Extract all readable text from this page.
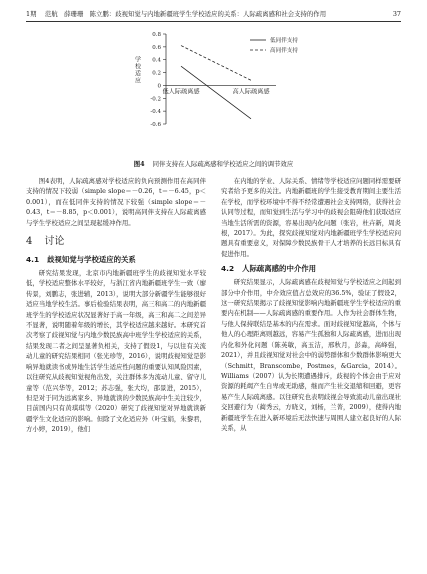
1期　 范航　薛珊珊　陈立鹏：歧视知觉与内地新疆班学生学校适应的关系：人际疏离感和社会支持的作用	37
0.8
0.6
0.4
0.2
0
-0.2
-0.4
-0.6
学
校
适
应
低人际疏离感	高人际疏离感
低同伴支持
高同伴支持
图4 同伴支持在人际疏离感和学校适应之间的调节效应

图4表明，人际疏离感对学校适应的负向预测作用在高同伴支持的情况下较弱（simple slope＝－0.26，t＝－6.45，p＜0.001），而在低同伴支持的情况下较强（simple slope＝－0.43，t＝－8.85，p＜0.001），说明高同伴支持在人际疏离感与学生学校适应之间呈现起缓冲作用。

4 讨论
4.1 歧视知觉与学校适应的关系

研究结果发现，北京市内地新疆班学生的歧视知觉水平较低，学校适应整体水平较好，与浙江省内地新疆班学生一致（廖传景，刘鹏志，张进辅，2013），说明大部分新疆学生能够很好适应当地学校生活。事后检验结果表明，高三和高二的内地新疆班学生的学校适应状况显著好于高一年级，高三和高二之间差异不显著，说明随着年级的增长，其学校适应越来越好。本研究首次考察了歧视知觉与内地少数民族高中班学生学校适应的关系，结果发现二者之间呈显著负相关，支持了假设1，与以往有关流动儿童的研究结果相同（张光珍等，2016），说明歧视知觉是影响异地就读书或异地生活学生适应性问题的重要认知风险因素，以往研究从歧视知觉视角出发，关注群体多为流动儿童、留守儿童等（范兴华等，2012；苏志强，张大均，邵景进，2015），但是对于同为远离家乡、异地就读的少数民族高中生关注较少，目前国内只有黄琪琪等（2020）研究了歧视知觉对异地就读新疆学生文化适应的影响。但除了文化适应外（叶宝娟，朱黎君，方小婷，2019），他们

在内地的学业、人际关系、情绪等学校适应问题同样需要研究者给予更多的关注。内地新疆班的学生接受教育期间主要生活在学校，而学校环境中不得不经常遭遇社会支持网络，获得社会认同等过程，而知觉到生活与学习中的歧视会阻碍他们获取适应当地生活所需的资源，容易出现内化问题（张岩，杜卉新，周炎根，2017）。为此，探究歧视知觉对内地新疆班学生学校适应问题具有重要意义，对保障少数民族骨干人才培养的长远目标具有促进作用。

4.2 人际疏离感的中介作用

研究结果显示，人际疏离感在歧视知觉与学校适应之间起到部分中介作用，中介效应值占总效应的36.5%，验证了假设2，这一研究结果揭示了歧视知觉影响内地新疆班学生学校适应的重要内在机制——人际疏离感的重要作用。人作为社会群体生物，与他人保持联结是基本的内在需求。面对歧视知觉越高，个体与他人的心理距离则越远，容易产生孤独和人际疏离感，进而出现内化和外化问题（陈英敏，高玉洁，邢秋月，彭淼，高峰强，2021），并且歧视知觉对社会中的弱势群体和少数群体影响更大（Schmitt，Branscombe，Postmes，&Garcia，2014）。Williams（2007）认为长期遭遇排斥，歧视的个体会由于应对资源的耗竭产生自卑或无助感，继而产生社交退缩和回避，更容易产生人际疏离感。以往研究也表明歧视会导致流动儿童出现社交回避行为（蔺秀云，方晓义，刘杨，兰菁，2009），使得内地新疆班学生在进入新环境后无法快速与周围人建立起良好的人际关系，从
